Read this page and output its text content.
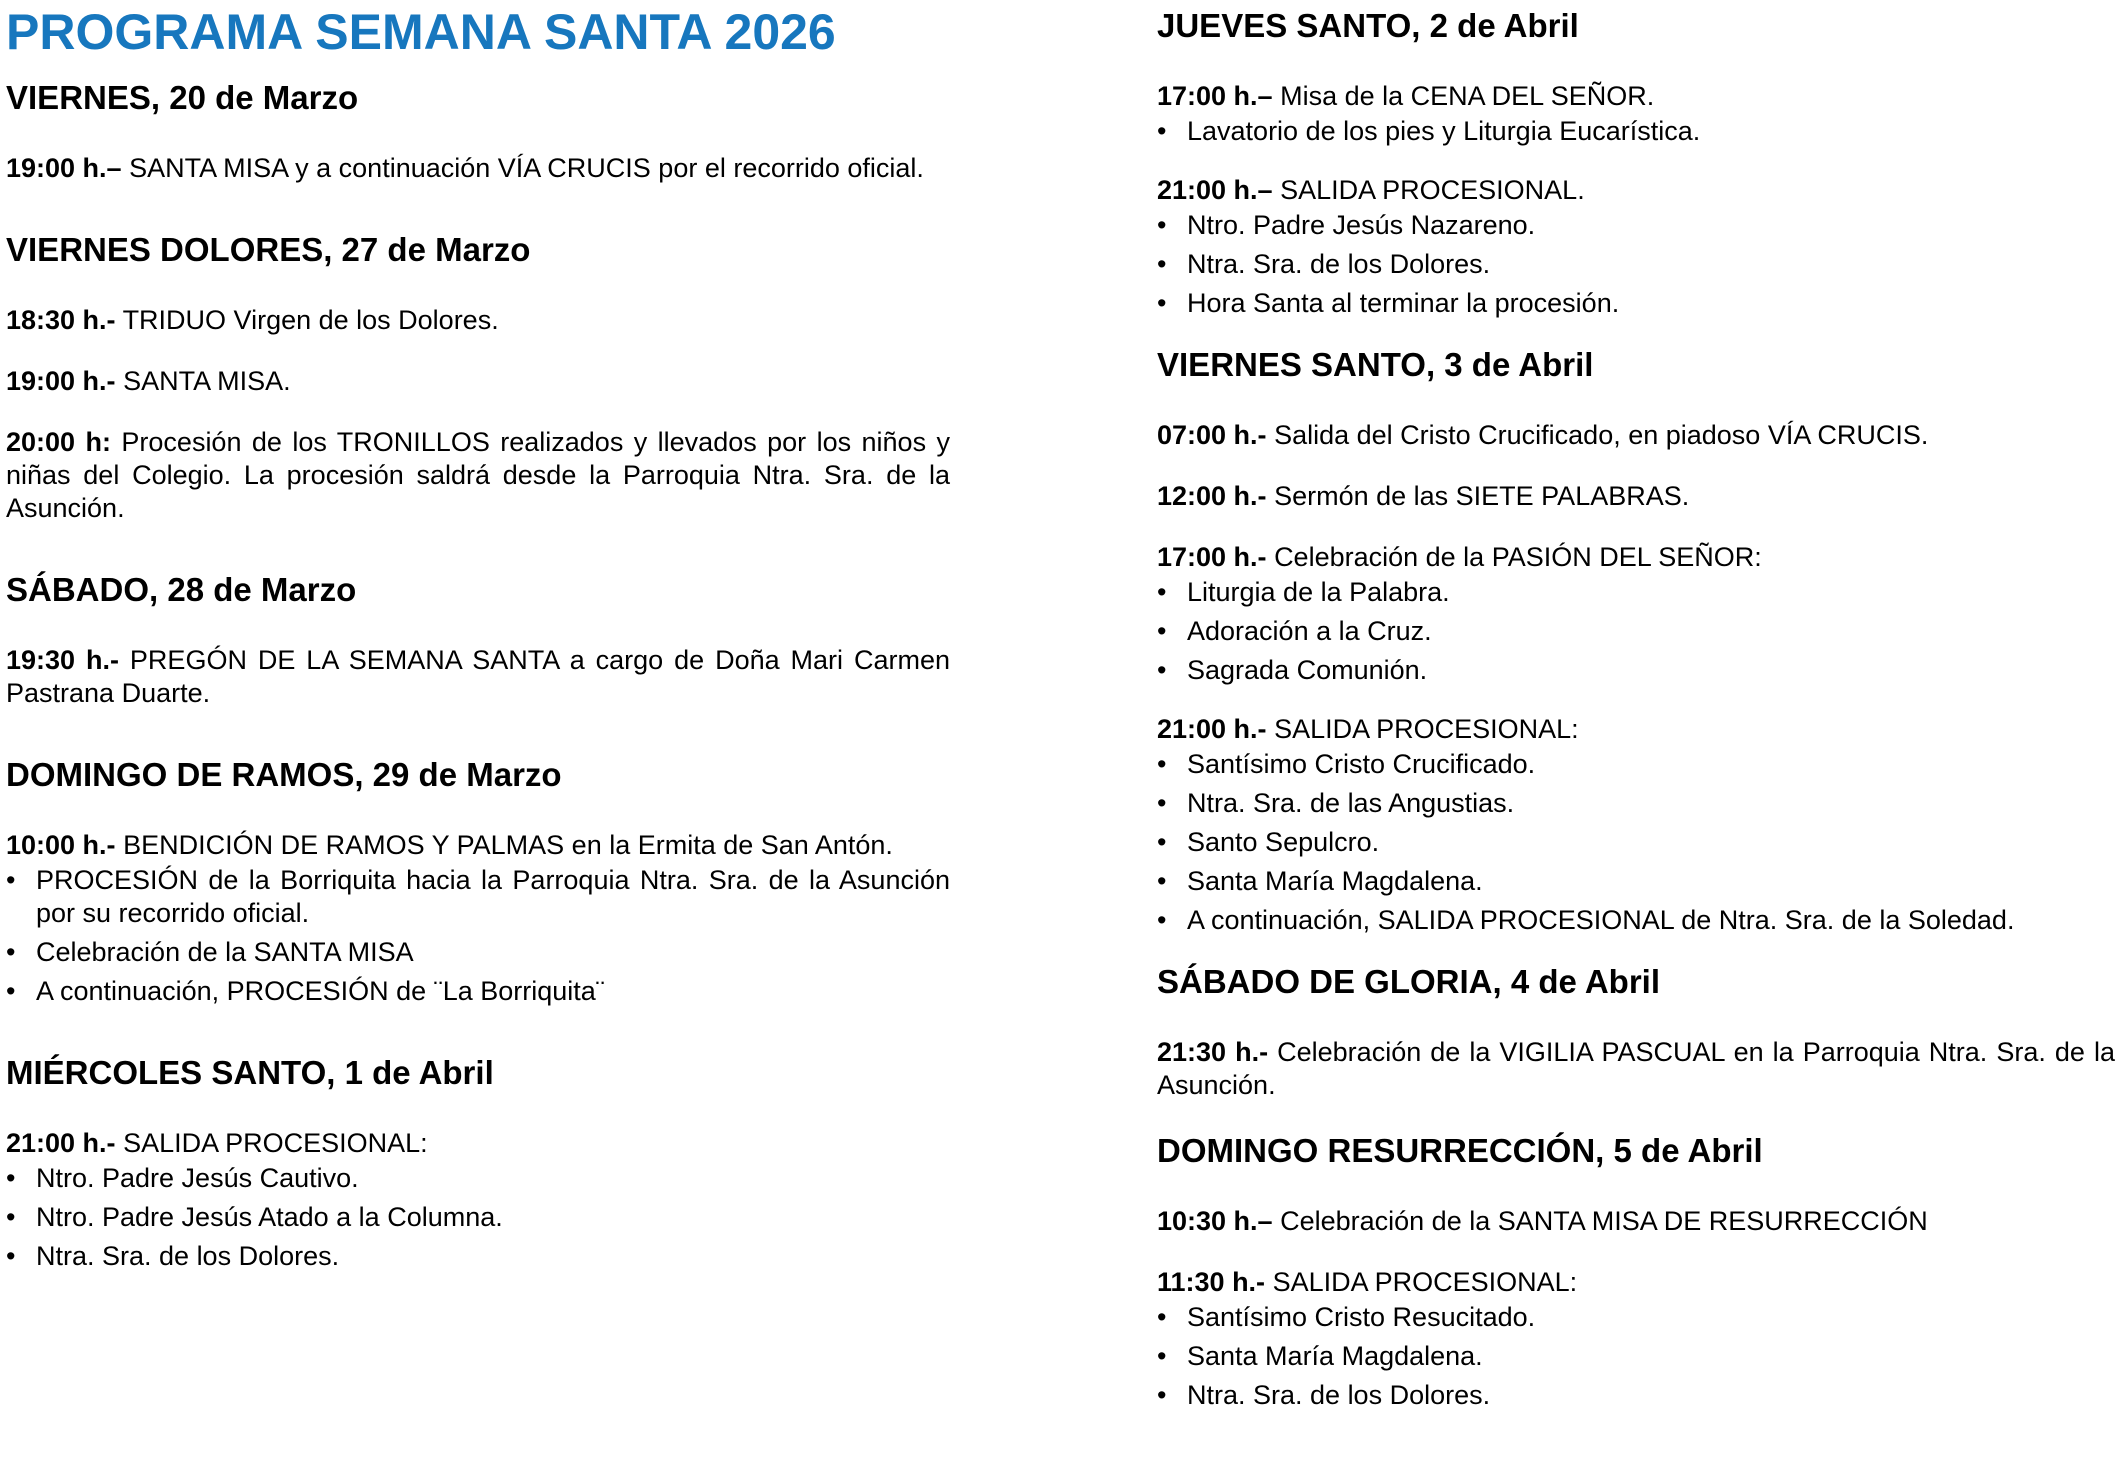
PROGRAMA SEMANA SANTA 2026
VIERNES, 20 de Marzo

19:00 h.– SANTA MISA y a continuación VÍA CRUCIS por el recorrido oficial.

VIERNES DOLORES, 27 de Marzo

18:30 h.- TRIDUO Virgen de los Dolores.

19:00 h.- SANTA MISA.

20:00 h: Procesión de los TRONILLOS realizados y llevados por los niños y niñas del Colegio. La procesión saldrá desde la Parroquia Ntra. Sra. de la Asunción.

SÁBADO, 28 de Marzo

19:30 h.- PREGÓN DE LA SEMANA SANTA a cargo de Doña Mari Carmen Pastrana Duarte.

DOMINGO DE RAMOS, 29 de Marzo

10:00 h.- BENDICIÓN DE RAMOS Y PALMAS en la Ermita de San Antón.

• PROCESIÓN de la Borriquita hacia la Parroquia Ntra. Sra. de la Asunción por su recorrido oficial.
• Celebración de la SANTA MISA
• A continuación, PROCESIÓN de ¨La Borriquita¨
MIÉRCOLES SANTO, 1 de Abril

21:00 h.- SALIDA PROCESIONAL:

• Ntro. Padre Jesús Cautivo.
• Ntro. Padre Jesús Atado a la Columna.
• Ntra. Sra. de los Dolores.
JUEVES SANTO, 2 de Abril

17:00 h.– Misa de la CENA DEL SEÑOR.

• Lavatorio de los pies y Liturgia Eucarística.

21:00 h.– SALIDA PROCESIONAL.

• Ntro. Padre Jesús Nazareno.
• Ntra. Sra. de los Dolores.
• Hora Santa al terminar la procesión.
VIERNES SANTO, 3 de Abril

07:00 h.- Salida del Cristo Crucificado, en piadoso VÍA CRUCIS.

12:00 h.- Sermón de las SIETE PALABRAS.

17:00 h.- Celebración de la PASIÓN DEL SEÑOR:

• Liturgia de la Palabra.
• Adoración a la Cruz.
• Sagrada Comunión.

21:00 h.- SALIDA PROCESIONAL:

• Santísimo Cristo Crucificado.
• Ntra. Sra. de las Angustias.
• Santo Sepulcro.
• Santa María Magdalena.
• A continuación, SALIDA PROCESIONAL de Ntra. Sra. de la Soledad.
SÁBADO DE GLORIA, 4 de Abril

21:30 h.- Celebración de la VIGILIA PASCUAL en la Parroquia Ntra. Sra. de la Asunción.

DOMINGO RESURRECCIÓN, 5 de Abril

10:30 h.– Celebración de la SANTA MISA DE RESURRECCIÓN

11:30 h.- SALIDA PROCESIONAL:

• Santísimo Cristo Resucitado.
• Santa María Magdalena.
• Ntra. Sra. de los Dolores.
